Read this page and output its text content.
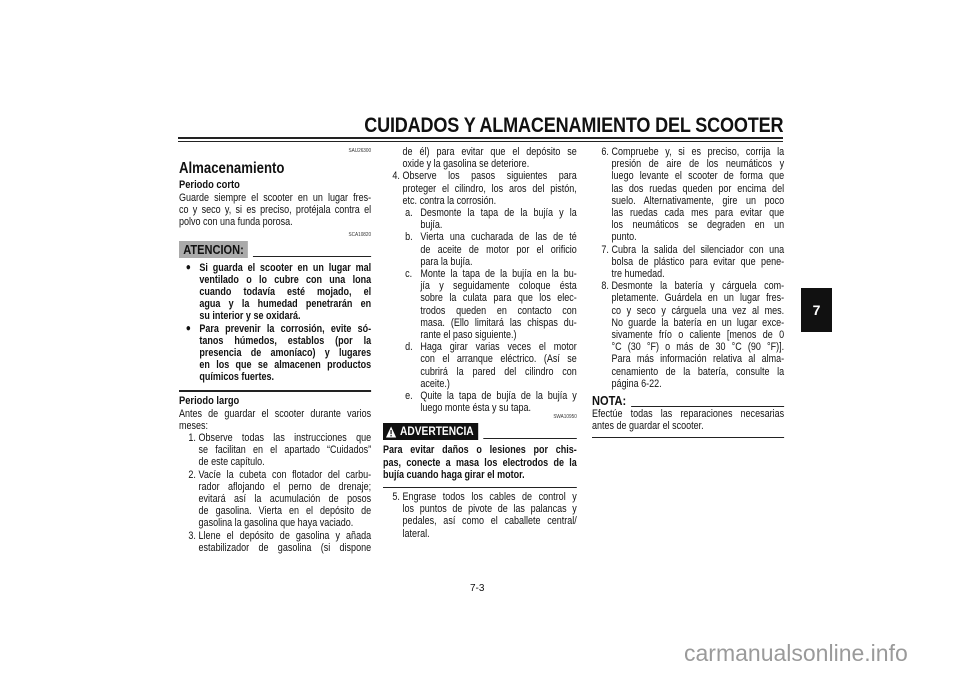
CUIDADOS Y ALMACENAMIENTO DEL SCOOTER
SAU26300
Almacenamiento
Periodo corto
Guarde siempre el scooter en un lugar fres-
co y seco y, si es preciso, protéjala contra el
polvo con una funda porosa.
SCA10820
ATENCION:
● Si guarda el scooter en un lugar mal
ventilado o lo cubre con una lona
cuando todavía esté mojado, el
agua y la humedad penetrarán en
su interior y se oxidará.
● Para prevenir la corrosión, evite só-
tanos húmedos, establos (por la
presencia de amoníaco) y lugares
en los que se almacenen productos
químicos fuertes.
Periodo largo
Antes de guardar el scooter durante varios
meses:
1. Observe todas las instrucciones que
se facilitan en el apartado “Cuidados”
de este capítulo.
2. Vacíe la cubeta con flotador del carbu-
rador aflojando el perno de drenaje;
evitará así la acumulación de posos
de gasolina. Vierta en el depósito de
gasolina la gasolina que haya vaciado.
3. Llene el depósito de gasolina y añada
estabilizador de gasolina (si dispone
de él) para evitar que el depósito se
oxide y la gasolina se deteriore.
4. Observe los pasos siguientes para
proteger el cilindro, los aros del pistón,
etc. contra la corrosión.
a. Desmonte la tapa de la bujía y la
bujía.
b. Vierta una cucharada de las de té
de aceite de motor por el orificio
para la bujía.
c. Monte la tapa de la bujía en la bu-
jía y seguidamente coloque ésta
sobre la culata para que los elec-
trodos queden en contacto con
masa. (Ello limitará las chispas du-
rante el paso siguiente.)
d. Haga girar varias veces el motor
con el arranque eléctrico. (Así se
cubrirá la pared del cilindro con
aceite.)
e. Quite la tapa de bujía de la bujía y
luego monte ésta y su tapa.
SWA10950
ADVERTENCIA
Para evitar daños o lesiones por chis-
pas, conecte a masa los electrodos de la
bujía cuando haga girar el motor.
5. Engrase todos los cables de control y
los puntos de pivote de las palancas y
pedales, así como el caballete central/
lateral.
6. Compruebe y, si es preciso, corrija la
presión de aire de los neumáticos y
luego levante el scooter de forma que
las dos ruedas queden por encima del
suelo. Alternativamente, gire un poco
las ruedas cada mes para evitar que
los neumáticos se degraden en un
punto.
7. Cubra la salida del silenciador con una
bolsa de plástico para evitar que pene-
tre humedad.
8. Desmonte la batería y cárguela com-
pletamente. Guárdela en un lugar fres-
co y seco y cárguela una vez al mes.
No guarde la batería en un lugar exce-
sivamente frío o caliente [menos de 0
°C (30 °F) o más de 30 °C (90 °F)].
Para más información relativa al alma-
cenamiento de la batería, consulte la
página 6-22.
NOTA:
Efectúe todas las reparaciones necesarias
antes de guardar el scooter.
7-3
7
carmanualsonline.info
